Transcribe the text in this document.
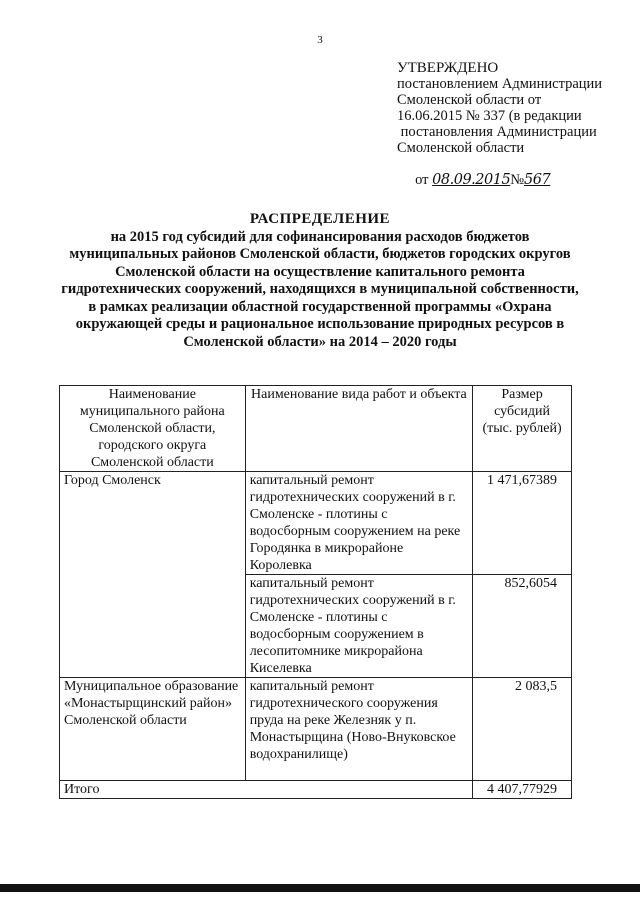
3
УТВЕРЖДЕНО
постановлением Администрации
Смоленской области от
16.06.2015 № 337 (в редакции
постановления Администрации
Смоленской области

от 08.09.2015№567

РАСПРЕДЕЛЕНИЕ
на 2015 год субсидий для софинансирования расходов бюджетов
муниципальных районов Смоленской области, бюджетов городских округов
Смоленской области на осуществление капитального ремонта
гидротехнических сооружений, находящихся в муниципальной собственности,
в рамках реализации областной государственной программы «Охрана
окружающей среды и рациональное использование природных ресурсов в
Смоленской области» на 2014 – 2020 годы
Наименование муниципального района Смоленской области, городского округа Смоленской области	Наименование вида работ и объекта	Размер субсидий (тыс. рублей)
Город Смоленск	капитальный ремонт гидротехнических сооружений в г. Смоленске - плотины с водосборным сооружением на реке Городянка в микрорайоне Королевка	1 471,67389
	капитальный ремонт гидротехнических сооружений в г. Смоленске - плотины с водосборным сооружением в лесопитомнике микрорайона Киселевка	852,6054
Муниципальное образование «Монастырщинский район» Смоленской области	капитальный ремонт гидротехнического сооружения пруда на реке Железняк у п. Монастырщина (Ново-Внуковское водохранилище)	2 083,5
Итого		4 407,77929
